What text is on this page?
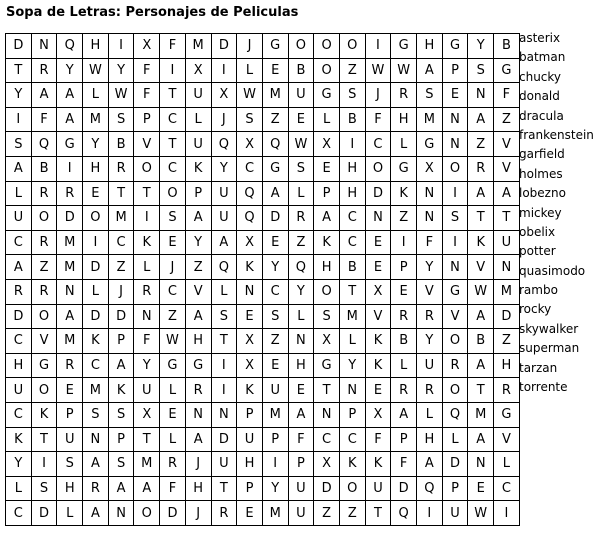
Sopa de Letras: Personajes de Peliculas
D	N	Q	H	I	X	F	M	D	J	G	O	O	O	I	G	H	G	Y	B
T	R	Y	W	Y	F	I	X	I	L	E	B	O	Z	W	W	A	P	S	G
Y	A	A	L	W	F	T	U	X	W	M	U	G	S	J	R	S	E	N	F
I	F	A	M	S	P	C	L	J	S	Z	E	L	B	F	H	M	N	A	Z
S	Q	G	Y	B	V	T	U	Q	X	Q	W	X	I	C	L	G	N	Z	V
A	B	I	H	R	O	C	K	Y	C	G	S	E	H	O	G	X	O	R	V
L	R	R	E	T	T	O	P	U	Q	A	L	P	H	D	K	N	I	A	A
U	O	D	O	M	I	S	A	U	Q	D	R	A	C	N	Z	N	S	T	T
C	R	M	I	C	K	E	Y	A	X	E	Z	K	C	E	I	F	I	K	U
A	Z	M	D	Z	L	J	Z	Q	K	Y	Q	H	B	E	P	Y	N	V	N
R	R	N	L	J	R	C	V	L	N	C	Y	O	T	X	E	V	G	W	M
D	O	A	D	D	N	Z	A	S	E	S	L	S	M	V	R	R	V	A	D
C	V	M	K	P	F	W	H	T	X	Z	N	X	L	K	B	Y	O	B	Z
H	G	R	C	A	Y	G	G	I	X	E	H	G	Y	K	L	U	R	A	H
U	O	E	M	K	U	L	R	I	K	U	E	T	N	E	R	R	O	T	R
C	K	P	S	S	X	E	N	N	P	M	A	N	P	X	A	L	Q	M	G
K	T	U	N	P	T	L	A	D	U	P	F	C	C	F	P	H	L	A	V
Y	I	S	A	S	M	R	J	U	H	I	P	X	K	K	F	A	D	N	L
L	S	H	R	A	A	F	H	T	P	Y	U	D	O	U	D	Q	P	E	C
C	D	L	A	N	O	D	J	R	E	M	U	Z	Z	T	Q	I	U	W	I
asterix
batman
chucky
donald
dracula
frankenstein
garfield
holmes
lobezno
mickey
obelix
potter
quasimodo
rambo
rocky
skywalker
superman
tarzan
torrente
